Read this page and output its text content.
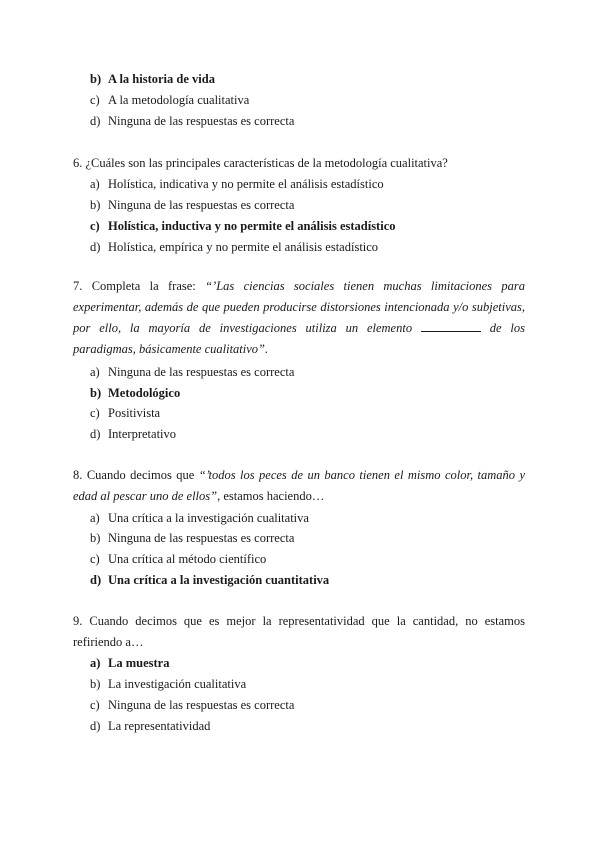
b) A la historia de vida
c) A la metodología cualitativa
d) Ninguna de las respuestas es correcta
6. ¿Cuáles son las principales características de la metodología cualitativa?
a) Holística, indicativa y no permite el análisis estadístico
b) Ninguna de las respuestas es correcta
c) Holística, inductiva y no permite el análisis estadístico
d) Holística, empírica y no permite el análisis estadístico
7. Completa la frase: “’Las ciencias sociales tienen muchas limitaciones para experimentar, además de que pueden producirse distorsiones intencionada y/o subjetivas, por ello, la mayoría de investigaciones utiliza un elemento	de los paradigmas, básicamente cualitativo”.
a) Ninguna de las respuestas es correcta
b) Metodológico
c) Positivista
d) Interpretativo
8. Cuando decimos que “’todos los peces de un banco tienen el mismo color, tamaño y edad al pescar uno de ellos”, estamos haciendo…
a) Una crítica a la investigación cualitativa
b) Ninguna de las respuestas es correcta
c) Una crítica al método científico
d) Una crítica a la investigación cuantitativa
9. Cuando decimos que es mejor la representatividad que la cantidad, no estamos refiriendo a…
a) La muestra
b) La investigación cualitativa
c) Ninguna de las respuestas es correcta
d) La representatividad
